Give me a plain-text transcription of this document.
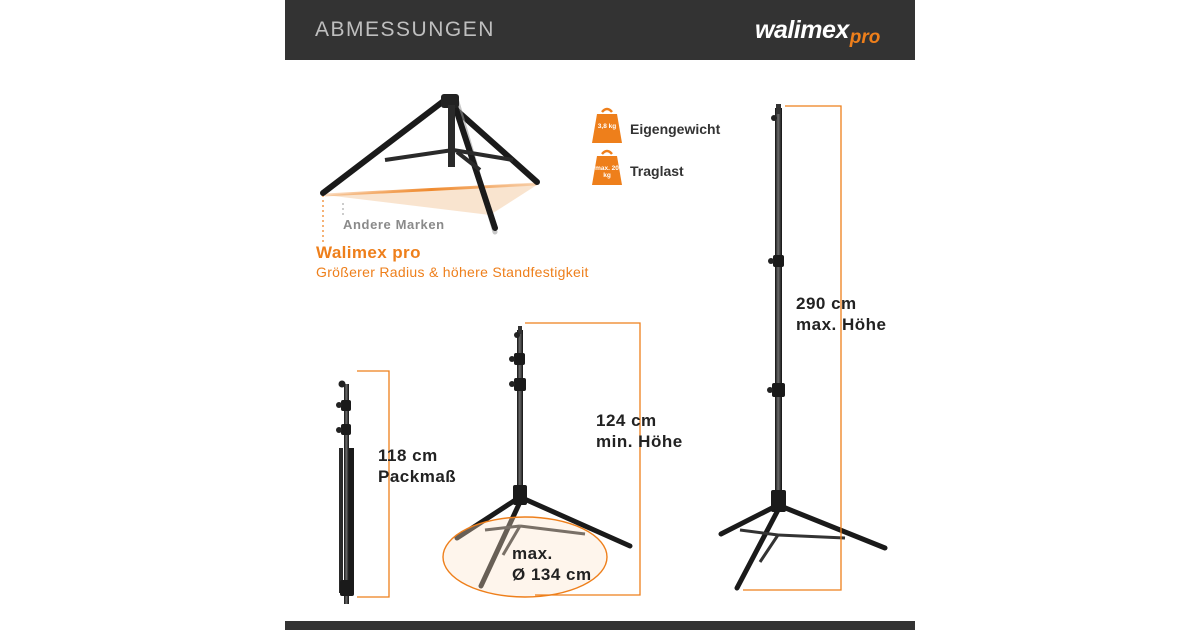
ABMESSUNGEN	walimexpro
3,8 kg Eigengewicht
max. 20 kg	Traglast
Andere Marken
Walimex pro
Größerer Radius & höhere Standfestigkeit
290 cm
max. Höhe
124 cm
min. Höhe
118 cm
Packmaß
max.
Ø 134 cm
